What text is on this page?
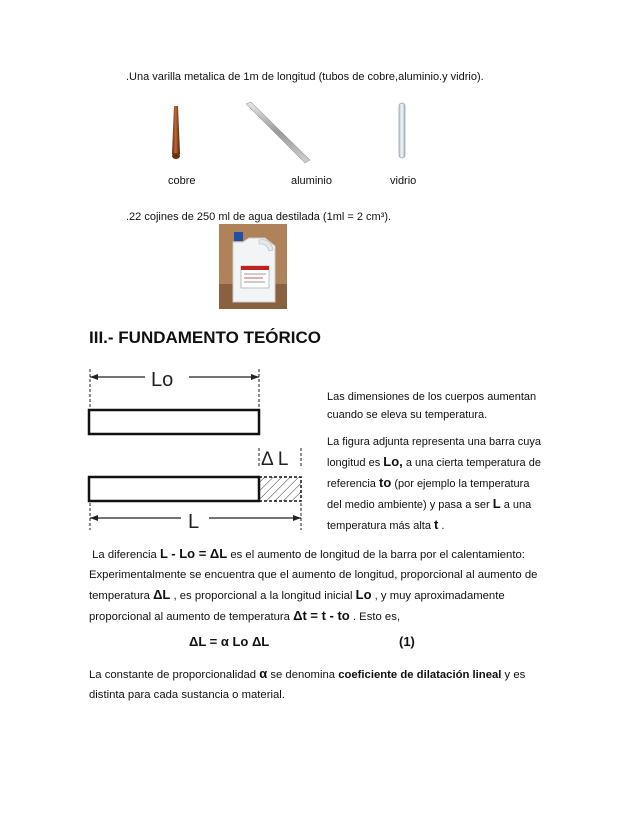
.Una varilla metalica de 1m de longitud (tubos de cobre,aluminio.y vidrio).
cobre	aluminio	vidrio
.22 cojines de 250 ml de agua destilada (1ml = 2 cm³).
III.- FUNDAMENTO TEÓRICO
Lo
Δ L
L
Las dimensiones de los cuerpos aumentan
cuando se eleva su temperatura.
La figura adjunta representa una barra cuya
longitud es Lo, a una cierta temperatura de
referencia to (por ejemplo la temperatura
del medio ambiente) y pasa a ser L a una
temperatura más alta t .
La diferencia L - Lo = ΔL es el aumento de longitud de la barra por el calentamiento:
Experimentalmente se encuentra que el aumento de longitud, proporcional al aumento de
temperatura ΔL , es proporcional a la longitud inicial Lo , y muy aproximadamente
proporcional al aumento de temperatura Δt = t - to . Esto es,
ΔL = α Lo ΔL	(1)
La constante de proporcionalidad α se denomina coeficiente de dilatación lineal y es
distinta para cada sustancia o material.
